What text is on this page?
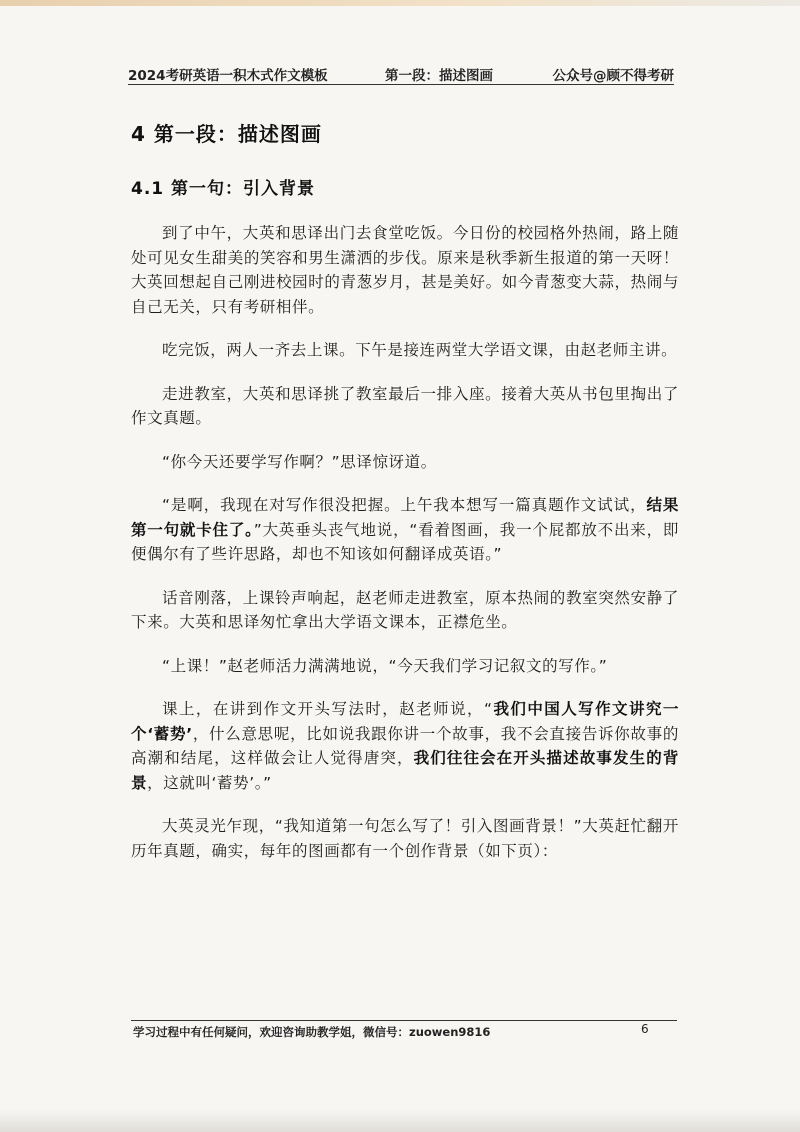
2024考研英语一积木式作文模板	第一段：描述图画	公众号@顾不得考研
4 第一段：描述图画
4.1 第一句：引入背景

到了中午，大英和思译出门去食堂吃饭。今日份的校园格外热闹，路上随处可见女生甜美的笑容和男生潇洒的步伐。原来是秋季新生报道的第一天呀！大英回想起自己刚进校园时的青葱岁月，甚是美好。如今青葱变大蒜，热闹与自己无关，只有考研相伴。

吃完饭，两人一齐去上课。下午是接连两堂大学语文课，由赵老师主讲。

走进教室，大英和思译挑了教室最后一排入座。接着大英从书包里掏出了作文真题。

“你今天还要学写作啊？”思译惊讶道。

“是啊，我现在对写作很没把握。上午我本想写一篇真题作文试试，结果第一句就卡住了。”大英垂头丧气地说，“看着图画，我一个屁都放不出来，即便偶尔有了些许思路，却也不知该如何翻译成英语。”

话音刚落，上课铃声响起，赵老师走进教室，原本热闹的教室突然安静了下来。大英和思译匆忙拿出大学语文课本，正襟危坐。

“上课！”赵老师活力满满地说，“今天我们学习记叙文的写作。”

课上，在讲到作文开头写法时，赵老师说，“我们中国人写作文讲究一个‘蓄势’，什么意思呢，比如说我跟你讲一个故事，我不会直接告诉你故事的高潮和结尾，这样做会让人觉得唐突，我们往往会在开头描述故事发生的背景，这就叫‘蓄势’。”

大英灵光乍现，“我知道第一句怎么写了！引入图画背景！”大英赶忙翻开历年真题，确实，每年的图画都有一个创作背景（如下页）：

学习过程中有任何疑问，欢迎咨询助教学姐，微信号：zuowen9816	6
